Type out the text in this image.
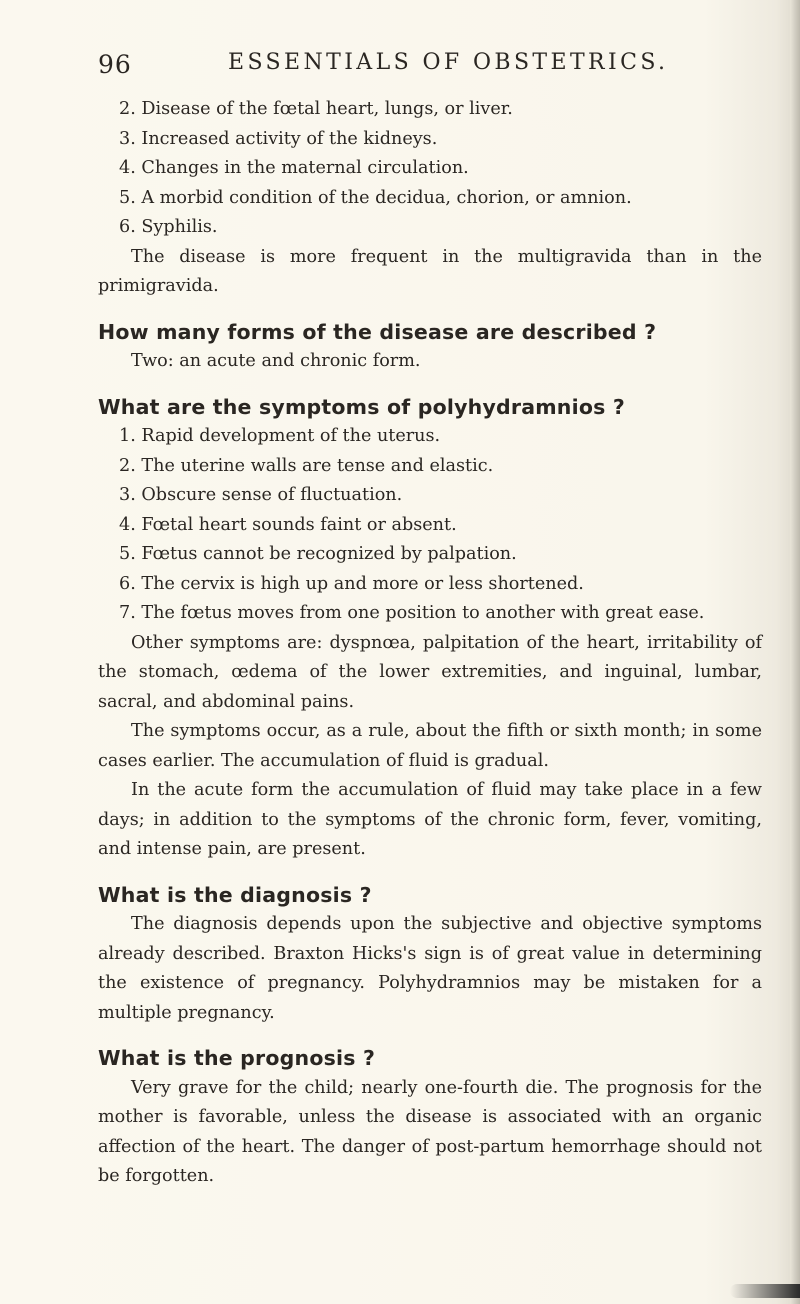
96	ESSENTIALS OF OBSTETRICS.
2. Disease of the fœtal heart, lungs, or liver.
3. Increased activity of the kidneys.
4. Changes in the maternal circulation.
5. A morbid condition of the decidua, chorion, or amnion.
6. Syphilis.

The disease is more frequent in the multigravida than in the primigravida.

How many forms of the disease are described ?

Two: an acute and chronic form.

What are the symptoms of polyhydramnios ?

1. Rapid development of the uterus.
2. The uterine walls are tense and elastic.
3. Obscure sense of fluctuation.
4. Fœtal heart sounds faint or absent.
5. Fœtus cannot be recognized by palpation.
6. The cervix is high up and more or less shortened.
7. The fœtus moves from one position to another with great ease.

Other symptoms are: dyspnœa, palpitation of the heart, irritability of the stomach, œdema of the lower extremities, and inguinal, lumbar, sacral, and abdominal pains.

The symptoms occur, as a rule, about the fifth or sixth month; in some cases earlier. The accumulation of fluid is gradual.

In the acute form the accumulation of fluid may take place in a few days; in addition to the symptoms of the chronic form, fever, vomiting, and intense pain, are present.

What is the diagnosis ?

The diagnosis depends upon the subjective and objective symptoms already described. Braxton Hicks's sign is of great value in determining the existence of pregnancy. Polyhydramnios may be mistaken for a multiple pregnancy.

What is the prognosis ?

Very grave for the child; nearly one-fourth die. The prognosis for the mother is favorable, unless the disease is associated with an organic affection of the heart. The danger of post-partum hemorrhage should not be forgotten.
